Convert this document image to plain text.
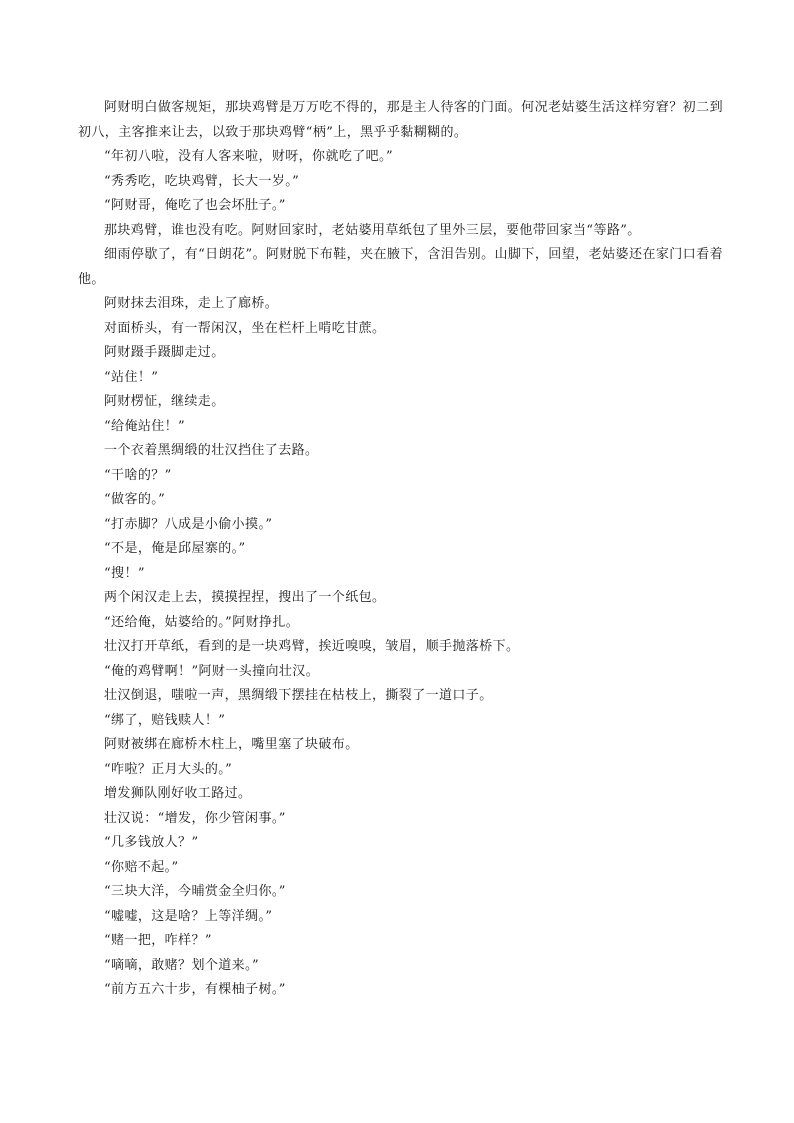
阿财明白做客规矩，那块鸡臂是万万吃不得的，那是主人待客的门面。何况老姑婆生活这样穷窘？初二到初八，主客推来让去，以致于那块鸡臂“柄”上，黑乎乎黏糊糊的。

“年初八啦，没有人客来啦，财呀，你就吃了吧。”

“秀秀吃，吃块鸡臂，长大一岁。”

“阿财哥，俺吃了也会坏肚子。”

那块鸡臂，谁也没有吃。阿财回家时，老姑婆用草纸包了里外三层，要他带回家当“等路”。

细雨停歇了，有“日朗花”。阿财脱下布鞋，夹在腋下，含泪告别。山脚下，回望，老姑婆还在家门口看着他。

阿财抹去泪珠，走上了廊桥。

对面桥头，有一帮闲汉，坐在栏杆上啃吃甘蔗。

阿财蹑手蹑脚走过。

“站住！”

阿财楞怔，继续走。

“给俺站住！”

一个衣着黑绸缎的壮汉挡住了去路。

“干啥的？”

“做客的。”

“打赤脚？八成是小偷小摸。”

“不是，俺是邱屋寨的。”

“搜！”

两个闲汉走上去，摸摸捏捏，搜出了一个纸包。

“还给俺，姑婆给的。”阿财挣扎。

壮汉打开草纸，看到的是一块鸡臂，挨近嗅嗅，皱眉，顺手抛落桥下。

“俺的鸡臂啊！”阿财一头撞向壮汉。

壮汉倒退，嗤啦一声，黑绸缎下摆挂在枯枝上，撕裂了一道口子。

“绑了，赔钱赎人！”

阿财被绑在廊桥木柱上，嘴里塞了块破布。

“咋啦？正月大头的。”

增发狮队刚好收工路过。

壮汉说：“增发，你少管闲事。”

“几多钱放人？”

“你赔不起。”

“三块大洋，今晡赏金全归你。”

“嘘嘘，这是啥？上等洋绸。”

“赌一把，咋样？”

“嘀嘀，敢赌？划个道来。”

“前方五六十步，有棵柚子树。”
